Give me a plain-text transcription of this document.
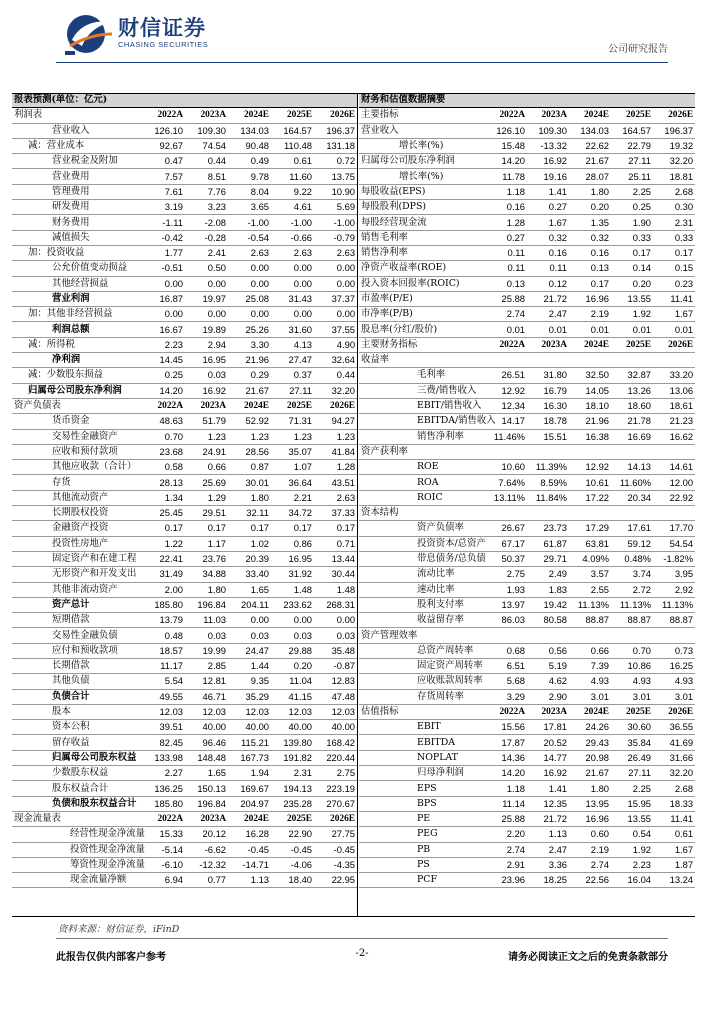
财信证券
CHASING SECURITIES	公司研究报告
报表预测(单位：亿元)					
利润表	2022A	2023A	2024E	2025E	2026E
营业收入	126.10	109.30	134.03	164.57	196.37
减：营业成本	92.67	74.54	90.48	110.48	131.18
营业税金及附加	0.47	0.44	0.49	0.61	0.72
营业费用	7.57	8.51	9.78	11.60	13.75
管理费用	7.61	7.76	8.04	9.22	10.90
研发费用	3.19	3.23	3.65	4.61	5.69
财务费用	-1.11	-2.08	-1.00	-1.00	-1.00
减值损失	-0.42	-0.28	-0.54	-0.66	-0.79
加：投资收益	1.77	2.41	2.63	2.63	2.63
公允价值变动损益	-0.51	0.50	0.00	0.00	0.00
其他经营损益	0.00	0.00	0.00	0.00	0.00
营业利润	16.87	19.97	25.08	31.43	37.37
加：其他非经营损益	0.00	0.00	0.00	0.00	0.00
利润总额	16.67	19.89	25.26	31.60	37.55
减：所得税	2.23	2.94	3.30	4.13	4.90
净利润	14.45	16.95	21.96	27.47	32.64
减：少数股东损益	0.25	0.03	0.29	0.37	0.44
归属母公司股东净利润	14.20	16.92	21.67	27.11	32.20
资产负债表	2022A	2023A	2024E	2025E	2026E
货币资金	48.63	51.79	52.92	71.31	94.27
交易性金融资产	0.70	1.23	1.23	1.23	1.23
应收和预付款项	23.68	24.91	28.56	35.07	41.84
其他应收款（合计）	0.58	0.66	0.87	1.07	1.28
存货	28.13	25.69	30.01	36.64	43.51
其他流动资产	1.34	1.29	1.80	2.21	2.63
长期股权投资	25.45	29.51	32.11	34.72	37.33
金融资产投资	0.17	0.17	0.17	0.17	0.17
投资性房地产	1.22	1.17	1.02	0.86	0.71
固定资产和在建工程	22.41	23.76	20.39	16.95	13.44
无形资产和开发支出	31.49	34.88	33.40	31.92	30.44
其他非流动资产	2.00	1.80	1.65	1.48	1.48
资产总计	185.80	196.84	204.11	233.62	268.31
短期借款	13.79	11.03	0.00	0.00	0.00
交易性金融负债	0.48	0.03	0.03	0.03	0.03
应付和预收款项	18.57	19.99	24.47	29.88	35.48
长期借款	11.17	2.85	1.44	0.20	-0.87
其他负债	5.54	12.81	9.35	11.04	12.83
负债合计	49.55	46.71	35.29	41.15	47.48
股本	12.03	12.03	12.03	12.03	12.03
资本公积	39.51	40.00	40.00	40.00	40.00
留存收益	82.45	96.46	115.21	139.80	168.42
归属母公司股东权益	133.98	148.48	167.73	191.82	220.44
少数股东权益	2.27	1.65	1.94	2.31	2.75
股东权益合计	136.25	150.13	169.67	194.13	223.19
负债和股东权益合计	185.80	196.84	204.97	235.28	270.67
现金流量表	2022A	2023A	2024E	2025E	2026E
经营性现金净流量	15.33	20.12	16.28	22.90	27.75
投资性现金净流量	-5.14	-6.62	-0.45	-0.45	-0.45
筹资性现金净流量	-6.10	-12.32	-14.71	-4.06	-4.35
现金流量净额	6.94	0.77	1.13	18.40	22.95
财务和估值数据摘要					
主要指标	2022A	2023A	2024E	2025E	2026E
营业收入	126.10	109.30	134.03	164.57	196.37
增长率(%)	15.48	-13.32	22.62	22.79	19.32
归属母公司股东净利润	14.20	16.92	21.67	27.11	32.20
增长率(%)	11.78	19.16	28.07	25.11	18.81
每股收益(EPS)	1.18	1.41	1.80	2.25	2.68
每股股利(DPS)	0.16	0.27	0.20	0.25	0.30
每股经营现金流	1.28	1.67	1.35	1.90	2.31
销售毛利率	0.27	0.32	0.32	0.33	0.33
销售净利率	0.11	0.16	0.16	0.17	0.17
净资产收益率(ROE)	0.11	0.11	0.13	0.14	0.15
投入资本回报率(ROIC)	0.13	0.12	0.17	0.20	0.23
市盈率(P/E)	25.88	21.72	16.96	13.55	11.41
市净率(P/B)	2.74	2.47	2.19	1.92	1.67
股息率(分红/股价)	0.01	0.01	0.01	0.01	0.01
主要财务指标	2022A	2023A	2024E	2025E	2026E
收益率					
毛利率	26.51	31.80	32.50	32.87	33.20
三费/销售收入	12.92	16.79	14.05	13.26	13.06
EBIT/销售收入	12.34	16.30	18.10	18.60	18.61
EBITDA/销售收入	14.17	18.78	21.96	21.78	21.23
销售净利率	11.46%	15.51	16.38	16.69	16.62
资产获利率					
ROE	10.60	11.39%	12.92	14.13	14.61
ROA	7.64%	8.59%	10.61	11.60%	12.00
ROIC	13.11%	11.84%	17.22	20.34	22.92
资本结构					
资产负债率	26.67	23.73	17.29	17.61	17.70
投资资本/总资产	67.17	61.87	63.81	59.12	54.54
带息债务/总负债	50.37	29.71	4.09%	0.48%	-1.82%
流动比率	2.75	2.49	3.57	3.74	3.95
速动比率	1.93	1.83	2.55	2.72	2.92
股利支付率	13.97	19.42	11.13%	11.13%	11.13%
收益留存率	86.03	80.58	88.87	88.87	88.87
资产管理效率					
总资产周转率	0.68	0.56	0.66	0.70	0.73
固定资产周转率	6.51	5.19	7.39	10.86	16.25
应收账款周转率	5.68	4.62	4.93	4.93	4.93
存货周转率	3.29	2.90	3.01	3.01	3.01
估值指标	2022A	2023A	2024E	2025E	2026E
EBIT	15.56	17.81	24.26	30.60	36.55
EBITDA	17.87	20.52	29.43	35.84	41.69
NOPLAT	14.36	14.77	20.98	26.49	31.66
归母净利润	14.20	16.92	21.67	27.11	32.20
EPS	1.18	1.41	1.80	2.25	2.68
BPS	11.14	12.35	13.95	15.95	18.33
PE	25.88	21.72	16.96	13.55	11.41
PEG	2.20	1.13	0.60	0.54	0.61
PB	2.74	2.47	2.19	1.92	1.67
PS	2.91	3.36	2.74	2.23	1.87
PCF	23.96	18.25	22.56	16.04	13.24
资料来源：财信证券，iFinD
此报告仅供内部客户参考	-2-	请务必阅读正文之后的免责条款部分
